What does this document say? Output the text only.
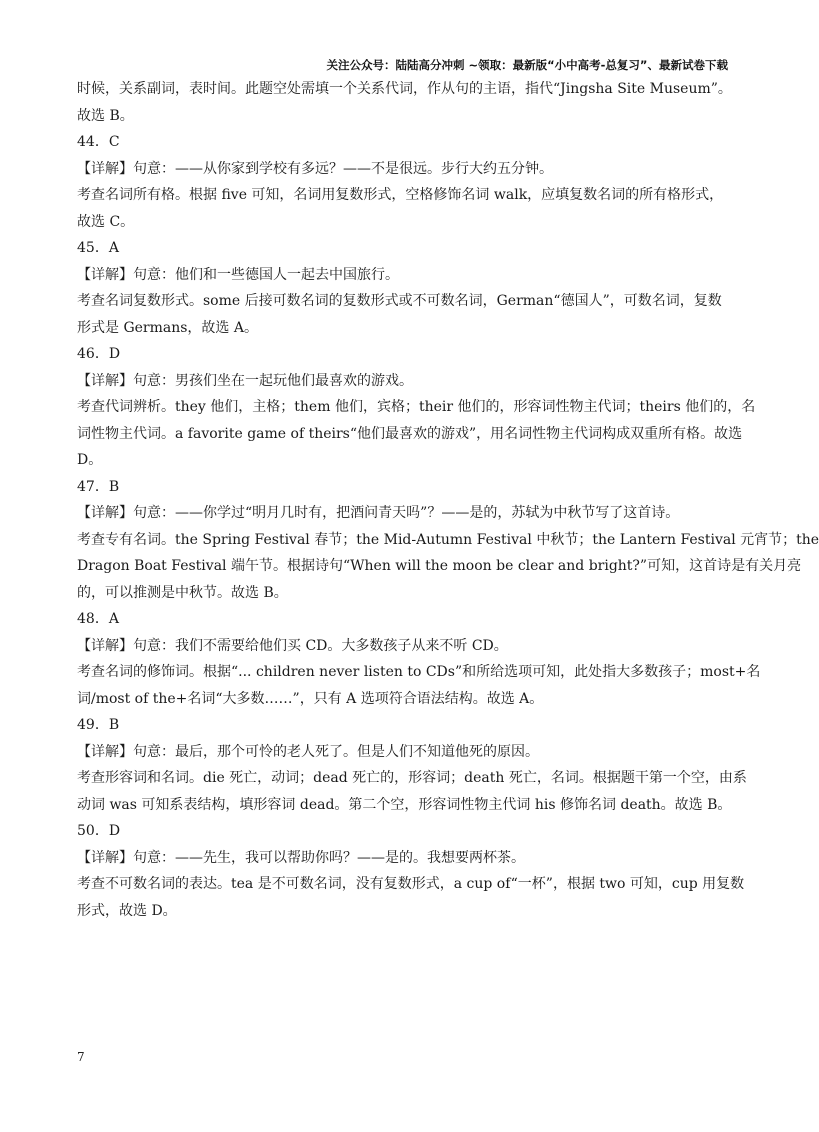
关注公众号：陆陆高分冲刺 ~领取：最新版“小中高考-总复习”、最新试卷下载
时候，关系副词，表时间。此题空处需填一个关系代词，作从句的主语，指代“Jingsha Site Museum”。
故选 B。
44．C
【详解】句意：——从你家到学校有多远？——不是很远。步行大约五分钟。
考查名词所有格。根据 five 可知，名词用复数形式，空格修饰名词 walk，应填复数名词的所有格形式，
故选 C。
45．A
【详解】句意：他们和一些德国人一起去中国旅行。
考查名词复数形式。some 后接可数名词的复数形式或不可数名词，German“德国人”，可数名词，复数
形式是 Germans，故选 A。
46．D
【详解】句意：男孩们坐在一起玩他们最喜欢的游戏。
考查代词辨析。they 他们，主格；them 他们，宾格；their 他们的，形容词性物主代词；theirs 他们的，名
词性物主代词。a favorite game of theirs“他们最喜欢的游戏”，用名词性物主代词构成双重所有格。故选
D。
47．B
【详解】句意：——你学过“明月几时有，把酒问青天吗”？——是的，苏轼为中秋节写了这首诗。
考查专有名词。the Spring Festival 春节；the Mid-Autumn Festival 中秋节；the Lantern Festival 元宵节；the
Dragon Boat Festival 端午节。根据诗句“When will the moon be clear and bright?”可知，这首诗是有关月亮
的，可以推测是中秋节。故选 B。
48．A
【详解】句意：我们不需要给他们买 CD。大多数孩子从来不听 CD。
考查名词的修饰词。根据“... children never listen to CDs”和所给选项可知，此处指大多数孩子；most+名
词/most of the+名词“大多数……”，只有 A 选项符合语法结构。故选 A。
49．B
【详解】句意：最后，那个可怜的老人死了。但是人们不知道他死的原因。
考查形容词和名词。die 死亡，动词；dead 死亡的，形容词；death 死亡，名词。根据题干第一个空，由系
动词 was 可知系表结构，填形容词 dead。第二个空，形容词性物主代词 his 修饰名词 death。故选 B。
50．D
【详解】句意：——先生，我可以帮助你吗？——是的。我想要两杯茶。
考查不可数名词的表达。tea 是不可数名词，没有复数形式，a cup of“一杯”，根据 two 可知，cup 用复数
形式，故选 D。
7
